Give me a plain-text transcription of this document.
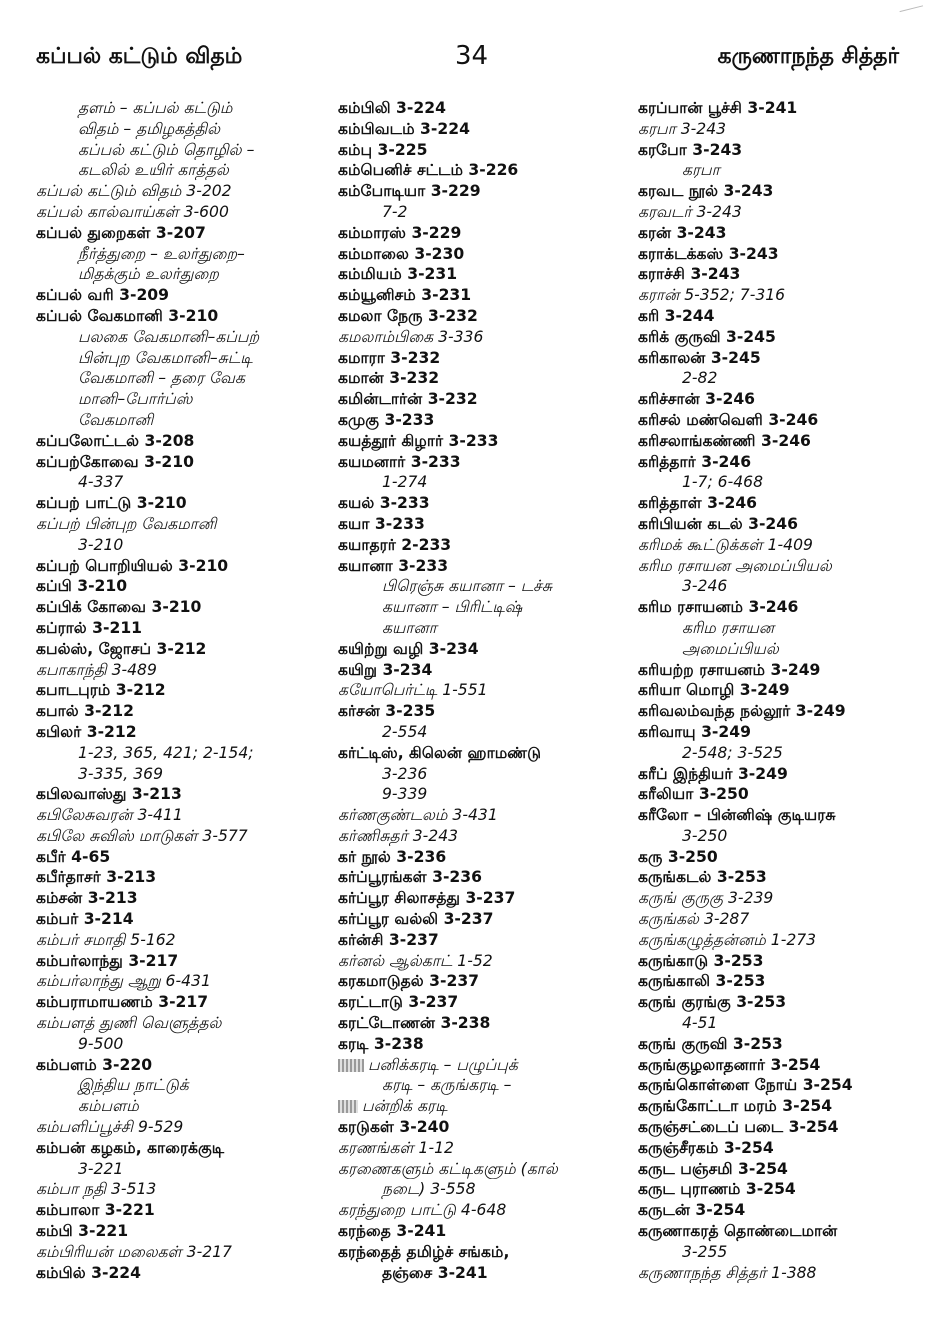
கப்பல் கட்டும் விதம்	34	கருணாநந்த சித்தர்
தளம் – கப்பல் கட்டும்
விதம் – தமிழகத்தில்
கப்பல் கட்டும் தொழில் –
கடலில் உயிர் காத்தல்
கப்பல் கட்டும் விதம் 3-202
கப்பல் கால்வாய்கள் 3-600
கப்பல் துறைகள் 3-207
நீர்த்துறை – உலர்துறை–
மிதக்கும் உலர்துறை
கப்பல் வரி 3-209
கப்பல் வேகமானி 3-210
பலகை வேகமானி–கப்பற்
பின்புற வேகமானி–சுட்டி
வேகமானி – தரை வேக
மானி–போர்ப்ஸ்
வேகமானி
கப்பலோட்டல் 3-208
கப்பற்கோவை 3-210
4-337
கப்பற் பாட்டு 3-210
கப்பற் பின்புற வேகமானி
3-210
கப்பற் பொறியியல் 3-210
கப்பி 3-210
கப்பிக் கோவை 3-210
கப்ரால் 3-211
கபல்ஸ், ஜோசப் 3-212
கபாகாந்தி 3-489
கபாடபுரம் 3-212
கபால் 3-212
கபிலர் 3-212
1-23, 365, 421; 2-154;
3-335, 369
கபிலவாஸ்து 3-213
கபிலேசுவரன் 3-411
கபிலே சுவிஸ் மாடுகள் 3-577
கபீர் 4-65
கபீர்தாசர் 3-213
கம்சன் 3-213
கம்பர் 3-214
கம்பர் சமாதி 5-162
கம்பர்லாந்து 3-217
கம்பர்லாந்து ஆறு 6-431
கம்பராமாயணம் 3-217
கம்பளத் துணி வெளுத்தல்
9-500
கம்பளம் 3-220
இந்திய நாட்டுக்
கம்பளம்
கம்பளிப்பூச்சி 9-529
கம்பன் கழகம், காரைக்குடி
3-221
கம்பா நதி 3-513
கம்பாலா 3-221
கம்பி 3-221
கம்பிரியன் மலைகள் 3-217
கம்பில் 3-224
கம்பிலி 3-224
கம்பிவடம் 3-224
கம்பு 3-225
கம்பெனிச் சட்டம் 3-226
கம்போடியா 3-229
7-2
கம்மாரஸ் 3-229
கம்மாலை 3-230
கம்மியம் 3-231
கம்யூனிசம் 3-231
கமலா நேரு 3-232
கமலாம்பிகை 3-336
கமாரா 3-232
கமான் 3-232
கமின்டார்ன் 3-232
கமுகு 3-233
கயத்தூர் கிழார் 3-233
கயமனார் 3-233
1-274
கயல் 3-233
கயா 3-233
கயாதரர் 2-233
கயானா 3-233
பிரெஞ்சு கயானா – டச்சு
கயானா – பிரிட்டிஷ்
கயானா
கயிற்று வழி 3-234
கயிறு 3-234
கயோபெர்ட்டி 1-551
கர்சன் 3-235
2-554
கர்ட்டிஸ், கிலென் ஹாமண்டு
3-236
9-339
கர்ணகுண்டலம் 3-431
கர்ணிசுதர் 3-243
கர் நூல் 3-236
கர்ப்பூரங்கள் 3-236
கர்ப்பூர சிலாசத்து 3-237
கர்ப்பூர வல்லி 3-237
கர்ன்சி 3-237
கர்னல் ஆல்காட் 1-52
கரகமாடுதல் 3-237
கரட்டாடு 3-237
கரட்டோணன் 3-238
கரடி 3-238
பனிக்கரடி – பழுப்புக்
கரடி – கருங்கரடி –
பன்றிக் கரடி
கரடுகள் 3-240
கரணங்கள் 1-12
கரணைகளும் கட்டிகளும் (கால்
நடை) 3-558
கரந்துறை பாட்டு 4-648
கரந்தை 3-241
கரந்தைத் தமிழ்ச் சங்கம்,
தஞ்சை 3-241
கரப்பான் பூச்சி 3-241
கரபா 3-243
கரபோ 3-243
கரபா
கரவட நூல் 3-243
கரவடர் 3-243
கரன் 3-243
கராக்டக்கஸ் 3-243
கராச்சி 3-243
கரான் 5-352; 7-316
கரி 3-244
கரிக் குருவி 3-245
கரிகாலன் 3-245
2-82
கரிச்சான் 3-246
கரிசல் மண்வெளி 3-246
கரிசலாங்கண்ணி 3-246
கரித்தார் 3-246
1-7; 6-468
கரித்தாள் 3-246
கரிபியன் கடல் 3-246
கரிமக் கூட்டுக்கள் 1-409
கரிம ரசாயன அமைப்பியல்
3-246
கரிம ரசாயனம் 3-246
கரிம ரசாயன
அமைப்பியல்
கரியற்ற ரசாயனம் 3-249
கரியா மொழி 3-249
கரிவலம்வந்த நல்லூர் 3-249
கரிவாயு 3-249
2-548; 3-525
கரீப் இந்தியர் 3-249
கரீலியா 3-250
கரீலோ – பின்னிஷ் குடியரசு
3-250
கரு 3-250
கருங்கடல் 3-253
கருங் குருகு 3-239
கருங்கல் 3-287
கருங்கழுத்தன்னம் 1-273
கருங்காடு 3-253
கருங்காலி 3-253
கருங் குரங்கு 3-253
4-51
கருங் குருவி 3-253
கருங்குழலாதனார் 3-254
கருங்கொள்ளை நோய் 3-254
கருங்கோட்டா மரம் 3-254
கருஞ்சட்டைப் படை 3-254
கருஞ்சீரகம் 3-254
கருட பஞ்சமி 3-254
கருட புராணம் 3-254
கருடன் 3-254
கருணாகரத் தொண்டைமான்
3-255
கருணாநந்த சித்தர் 1-388
